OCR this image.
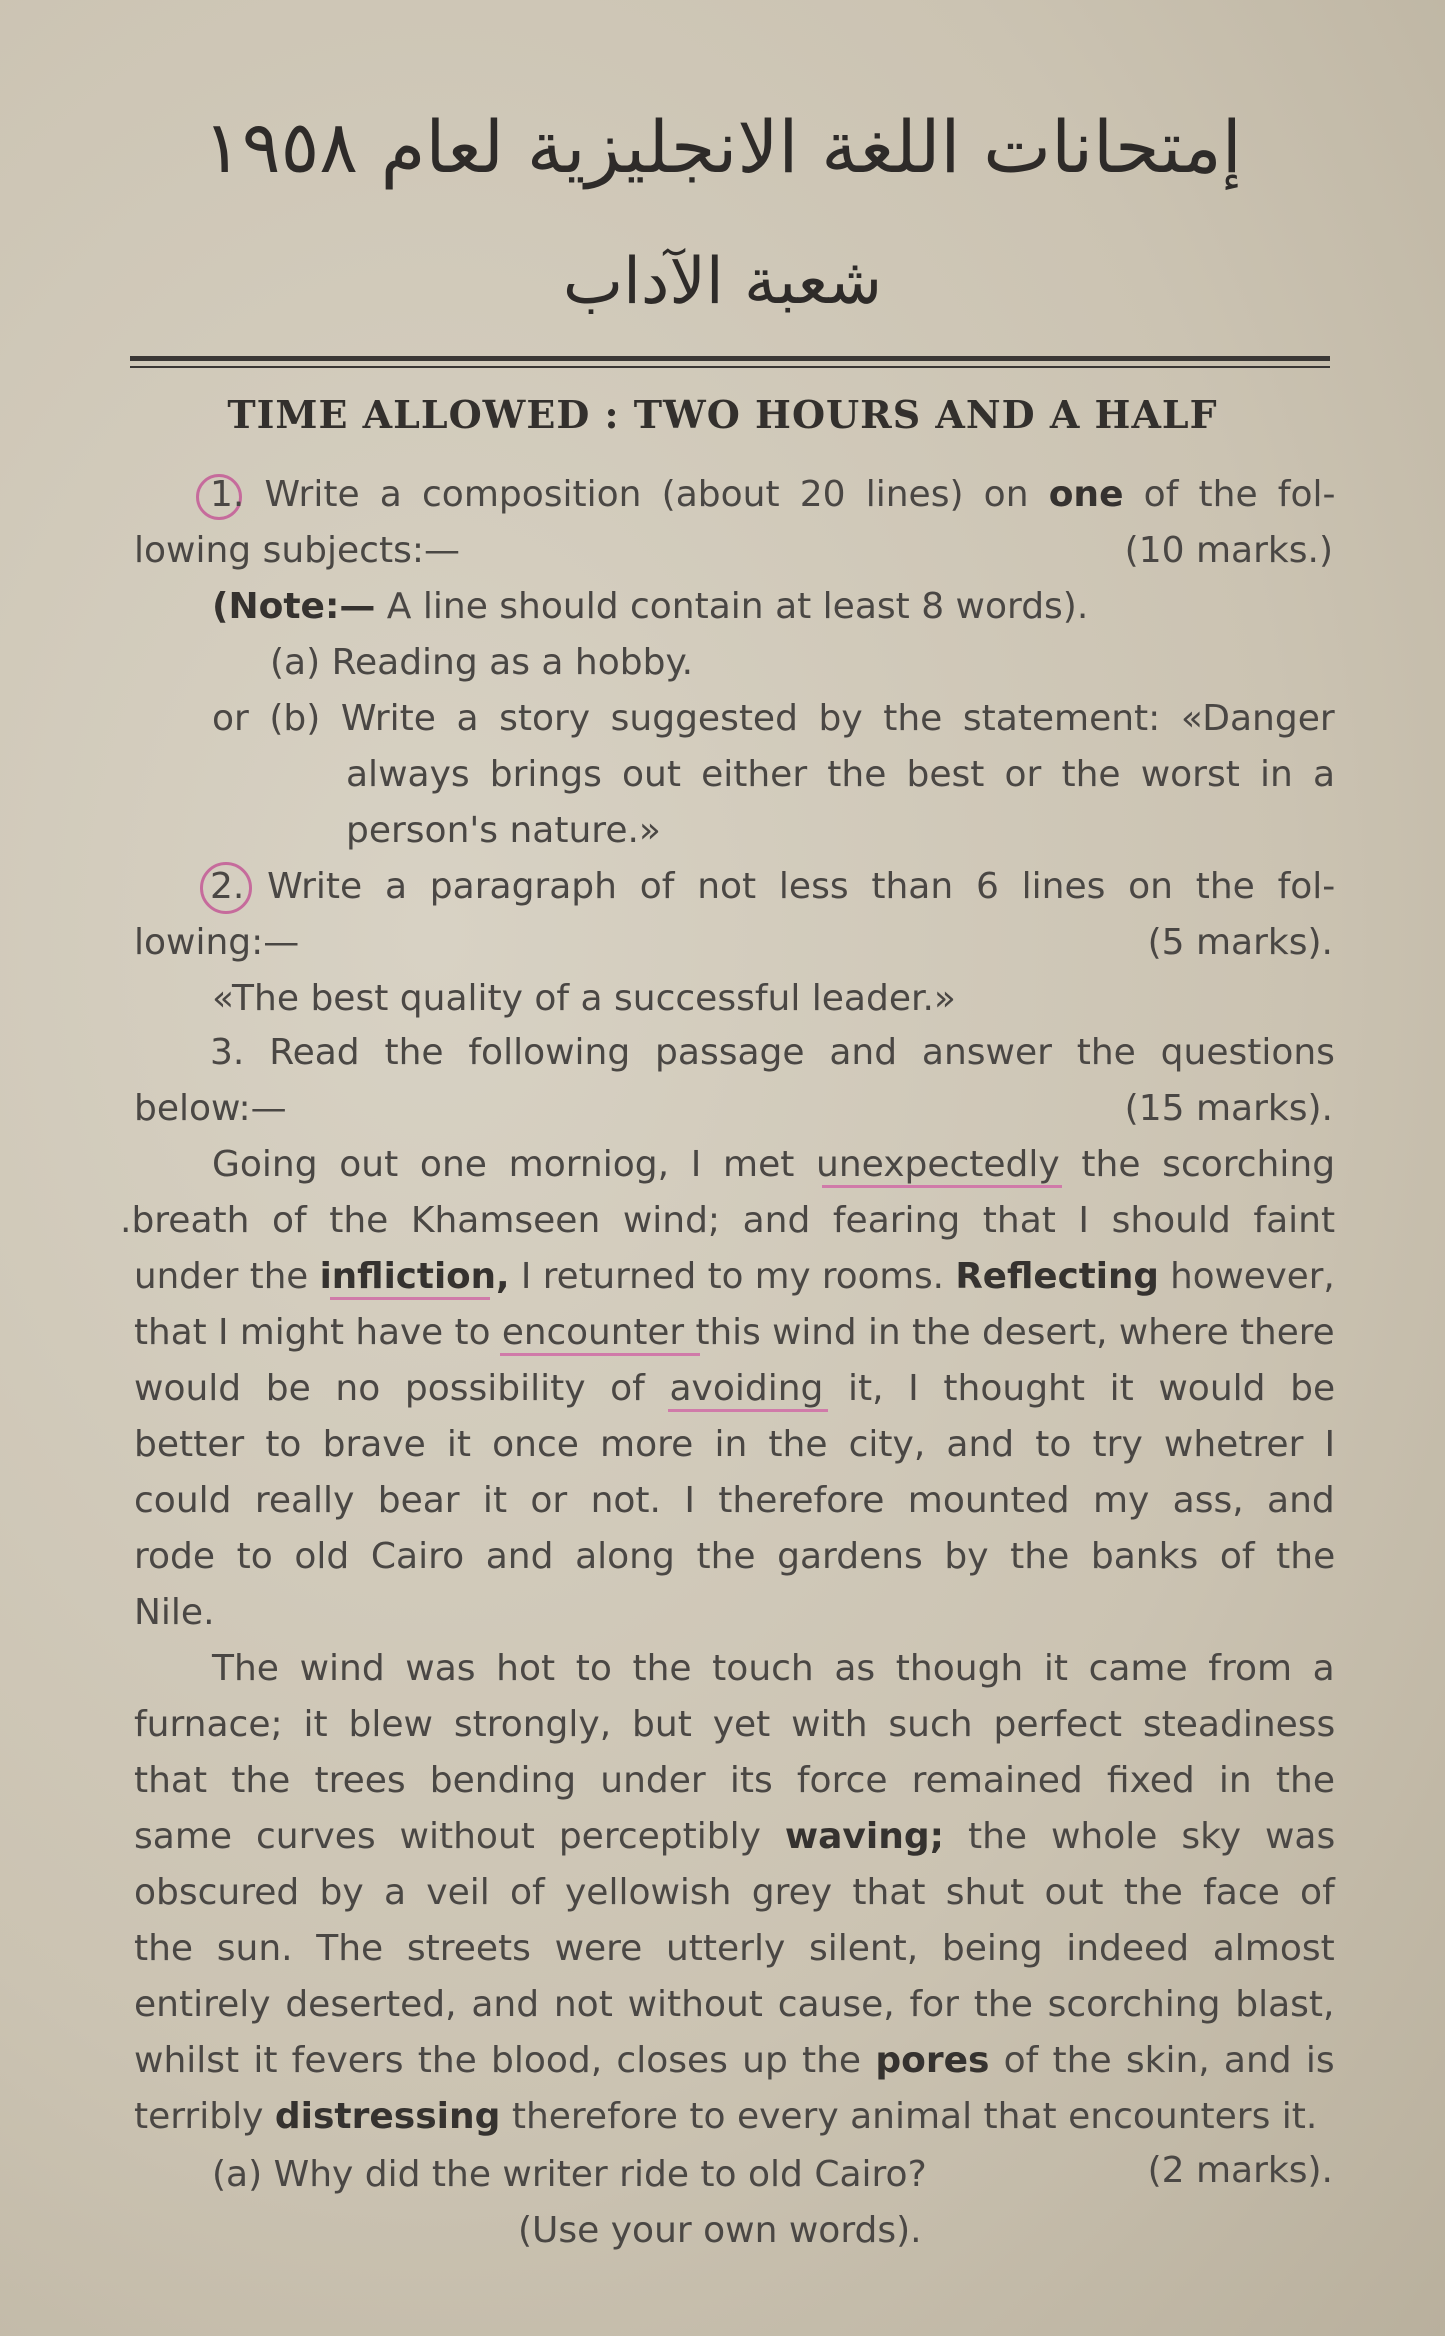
إمتحانات اللغة الانجليزية لعام ١٩٥٨
شعبة الآداب
TIME ALLOWED : TWO HOURS AND A HALF
1. Write a composition (about 20 lines) on one of the fol-
lowing subjects:—	(10 marks.)
(Note:— A line should contain at least 8 words).
(a) Reading as a hobby.
or (b) Write a story suggested by the statement: «Danger
always brings out either the best or the worst in a
person's nature.»
2. Write a paragraph of not less than 6 lines on the fol-
lowing:—	(5 marks).
«The best quality of a successful leader.»
3. Read the following passage and answer the questions
below:—	(15 marks).
Going out one morniog, I met unexpectedly the scorching
.breath of the Khamseen wind; and fearing that I should faint
under the infliction, I returned to my rooms. Reflecting however,
that I might have to encounter this wind in the desert, where there
would be no possibility of avoiding it, I thought it would be
better to brave it once more in the city, and to try whetrer I
could really bear it or not. I therefore mounted my ass, and
rode to old Cairo and along the gardens by the banks of the
Nile.
The wind was hot to the touch as though it came from a
furnace; it blew strongly, but yet with such perfect steadiness
that the trees bending under its force remained fixed in the
same curves without perceptibly waving; the whole sky was
obscured by a veil of yellowish grey that shut out the face of
the sun. The streets were utterly silent, being indeed almost
entirely deserted, and not without cause, for the scorching blast,
whilst it fevers the blood, closes up the pores of the skin, and is
terribly distressing therefore to every animal that encounters it.
(a) Why did the writer ride to old Cairo?	(2 marks).
(Use your own words).
